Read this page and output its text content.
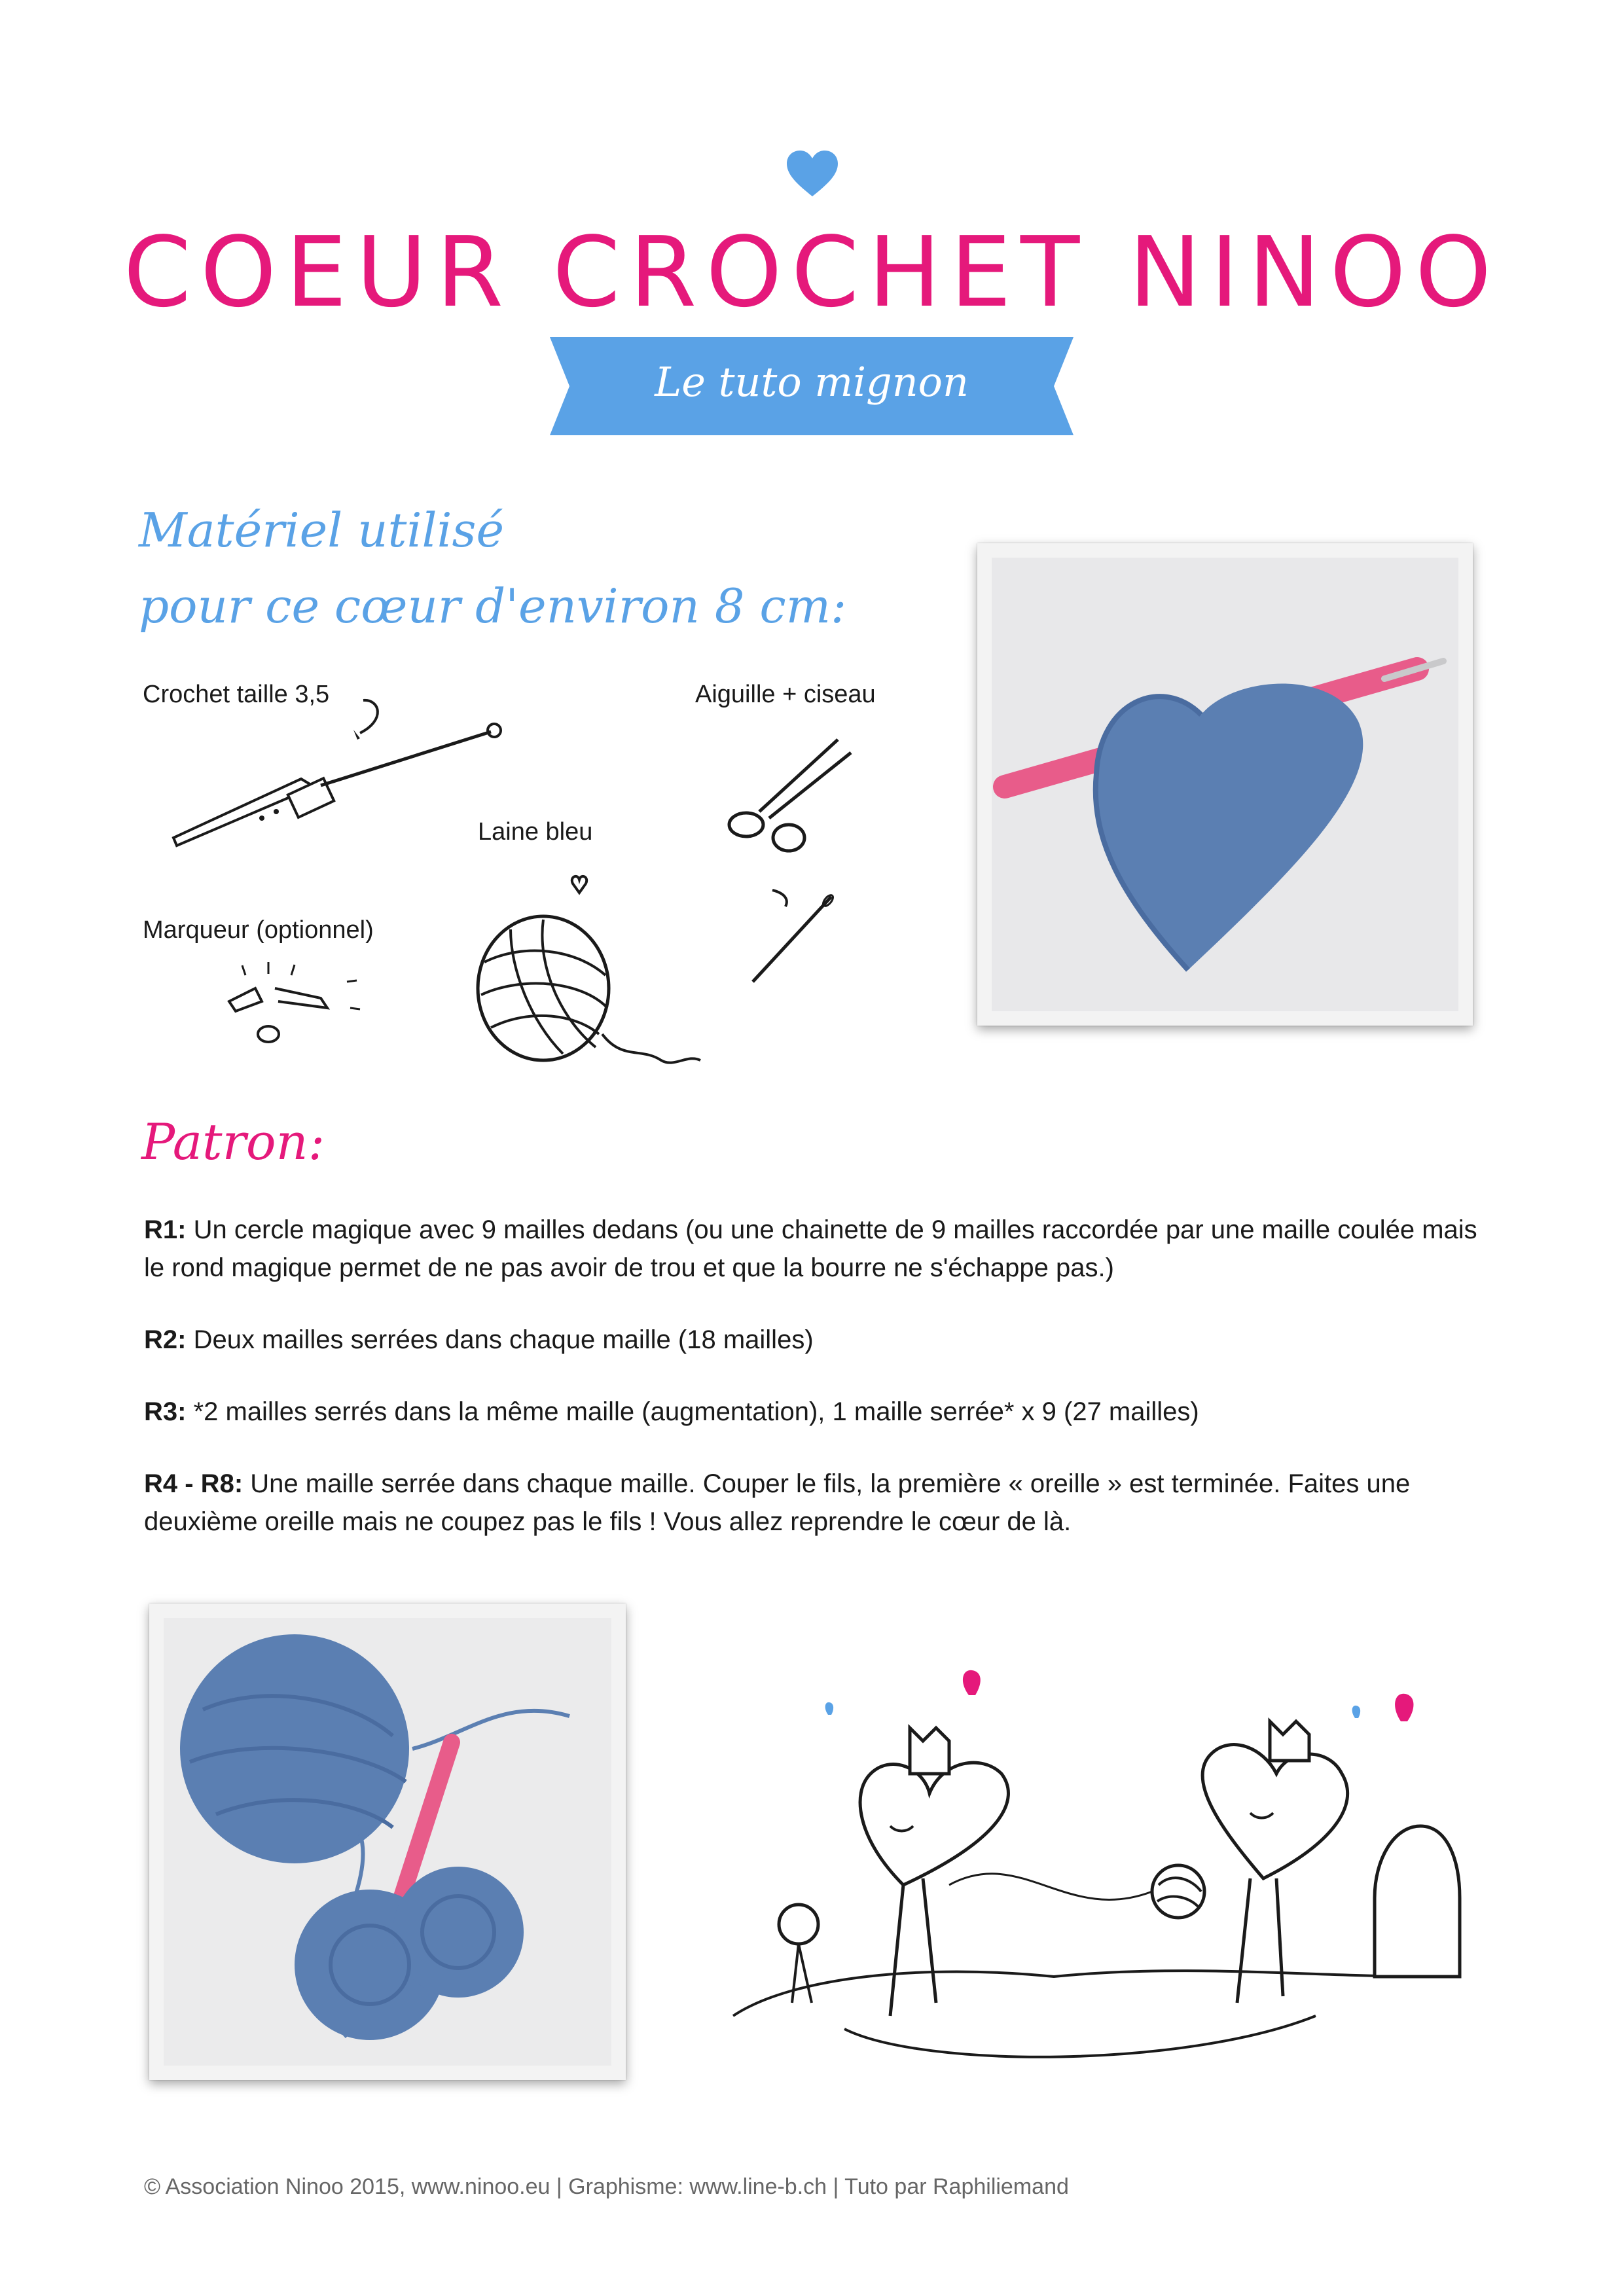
COEUR CROCHET NINOO
Le tuto mignon
Matériel utilisé
pour ce cœur d'environ 8 cm:
Crochet taille 3,5
Laine bleu
Aiguille + ciseau
Marqueur (optionnel)
Patron:
R1: Un cercle magique avec 9 mailles dedans (ou une chainette de 9 mailles raccordée par une maille coulée mais le rond magique permet de ne pas avoir de trou et que la bourre ne s'échappe pas.)
R2: Deux mailles serrées dans chaque maille (18 mailles)
R3: *2 mailles serrés dans la même maille (augmentation), 1 maille serrée* x 9 (27 mailles)
R4 - R8: Une maille serrée dans chaque maille. Couper le fils, la première « oreille » est terminée. Faites une deuxième oreille mais ne coupez pas le fils ! Vous allez reprendre le cœur de là.
© Association Ninoo 2015, www.ninoo.eu | Graphisme: www.line-b.ch | Tuto par Raphiliemand
